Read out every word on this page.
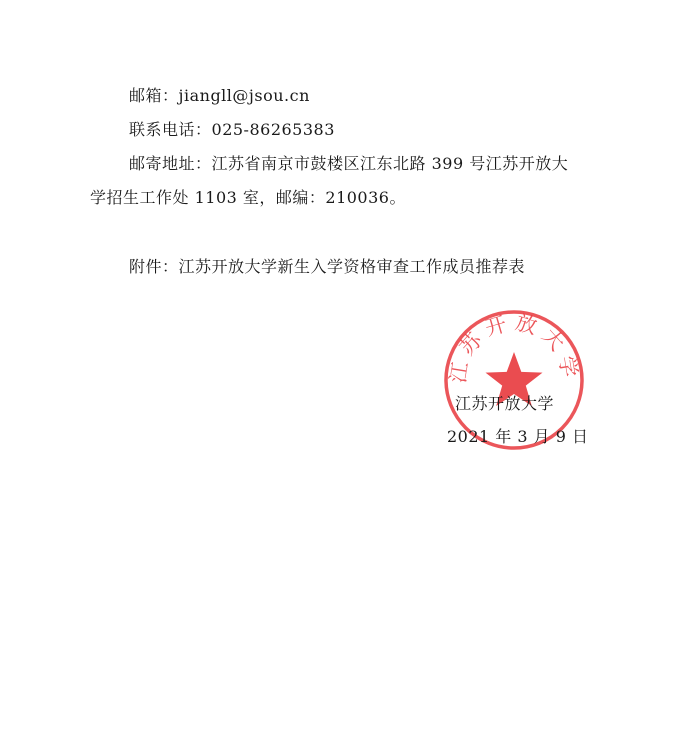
邮箱：jiangll@jsou.cn
联系电话：025-86265383
邮寄地址：江苏省南京市鼓楼区江东北路 399 号江苏开放大
学招生工作处 1103 室，邮编：210036。
附件：江苏开放大学新生入学资格审查工作成员推荐表
江苏开放大学
江苏开放大学
2021 年 3 月 9 日
